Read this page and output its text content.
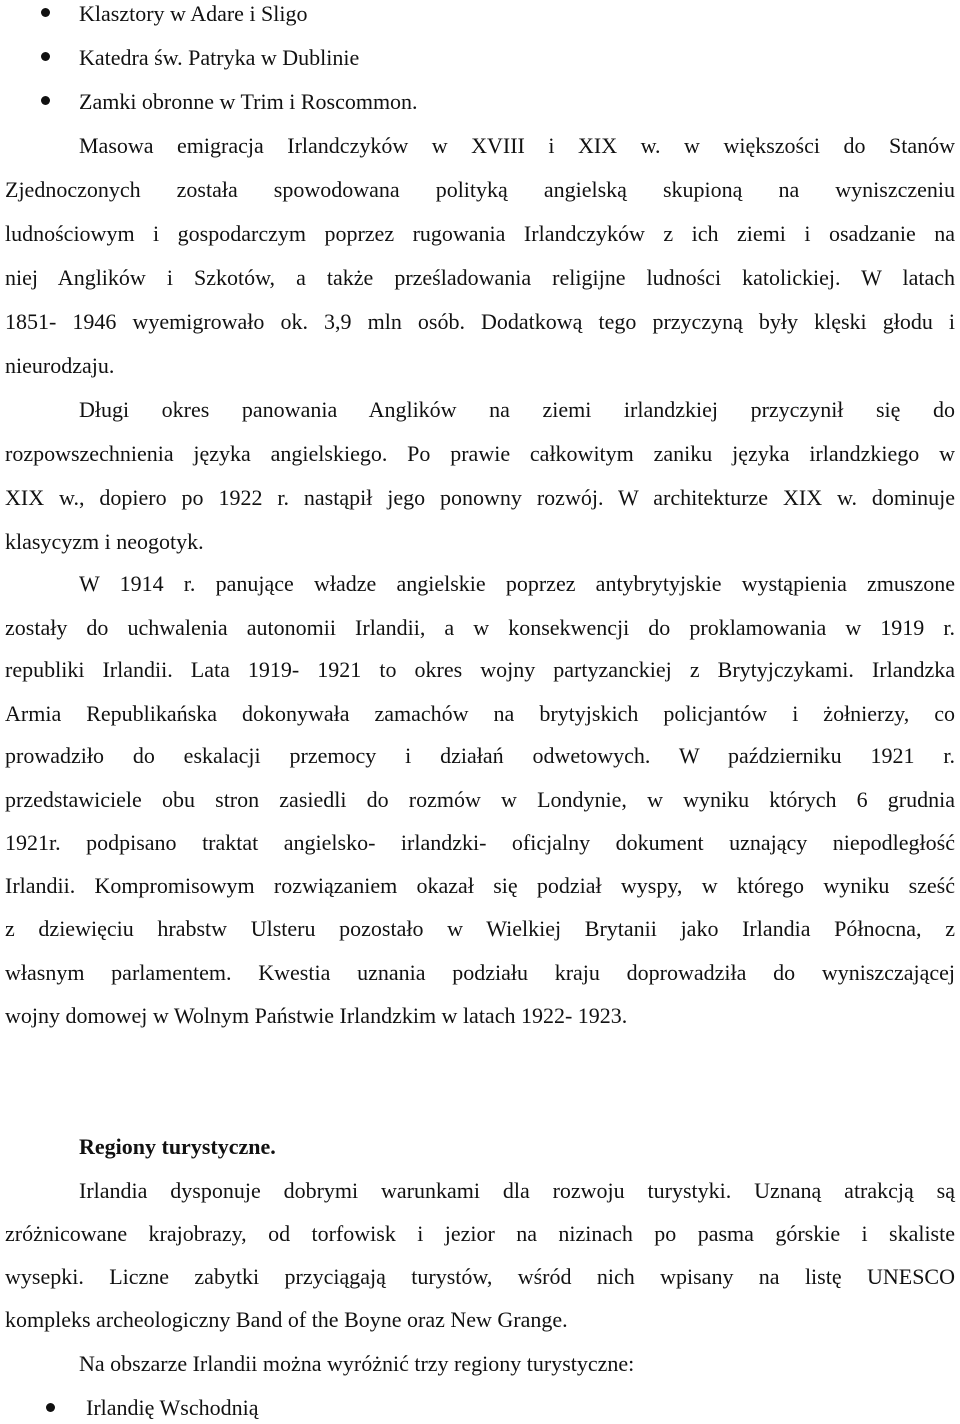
Klasztory w Adare i Sligo
Katedra św. Patryka w Dublinie
Zamki obronne w Trim i Roscommon.
Masowa emigracja Irlandczyków w XVIII i XIX w. w większości do Stanów
Zjednoczonych została spowodowana polityką angielską skupioną na wyniszczeniu
ludnościowym i gospodarczym poprzez rugowania Irlandczyków z ich ziemi i osadzanie na
niej Anglików i Szkotów, a także prześladowania religijne ludności katolickiej. W latach
1851- 1946 wyemigrowało ok. 3,9 mln osób. Dodatkową tego przyczyną były klęski głodu i
nieurodzaju.
Długi okres panowania Anglików na ziemi irlandzkiej przyczynił się do
rozpowszechnienia języka angielskiego. Po prawie całkowitym zaniku języka irlandzkiego w
XIX w., dopiero po 1922 r. nastąpił jego ponowny rozwój. W architekturze XIX w. dominuje
klasycyzm i neogotyk.
W 1914 r. panujące władze angielskie poprzez antybrytyjskie wystąpienia zmuszone
zostały do uchwalenia autonomii Irlandii, a w konsekwencji do proklamowania w 1919 r.
republiki Irlandii. Lata 1919- 1921 to okres wojny partyzanckiej z Brytyjczykami. Irlandzka
Armia Republikańska dokonywała zamachów na brytyjskich policjantów i żołnierzy, co
prowadziło do eskalacji przemocy i działań odwetowych. W październiku 1921 r.
przedstawiciele obu stron zasiedli do rozmów w Londynie, w wyniku których 6 grudnia
1921r. podpisano traktat angielsko- irlandzki- oficjalny dokument uznający niepodległość
Irlandii. Kompromisowym rozwiązaniem okazał się podział wyspy, w którego wyniku sześć
z dziewięciu hrabstw Ulsteru pozostało w Wielkiej Brytanii jako Irlandia Północna, z
własnym parlamentem. Kwestia uznania podziału kraju doprowadziła do wyniszczającej
wojny domowej w Wolnym Państwie Irlandzkim w latach 1922- 1923.
Regiony turystyczne.
Irlandia dysponuje dobrymi warunkami dla rozwoju turystyki. Uznaną atrakcją są
zróżnicowane krajobrazy, od torfowisk i jezior na nizinach po pasma górskie i skaliste
wysepki. Liczne zabytki przyciągają turystów, wśród nich wpisany na listę UNESCO
kompleks archeologiczny Band of the Boyne oraz New Grange.
Na obszarze Irlandii można wyróżnić trzy regiony turystyczne:
Irlandię Wschodnią
